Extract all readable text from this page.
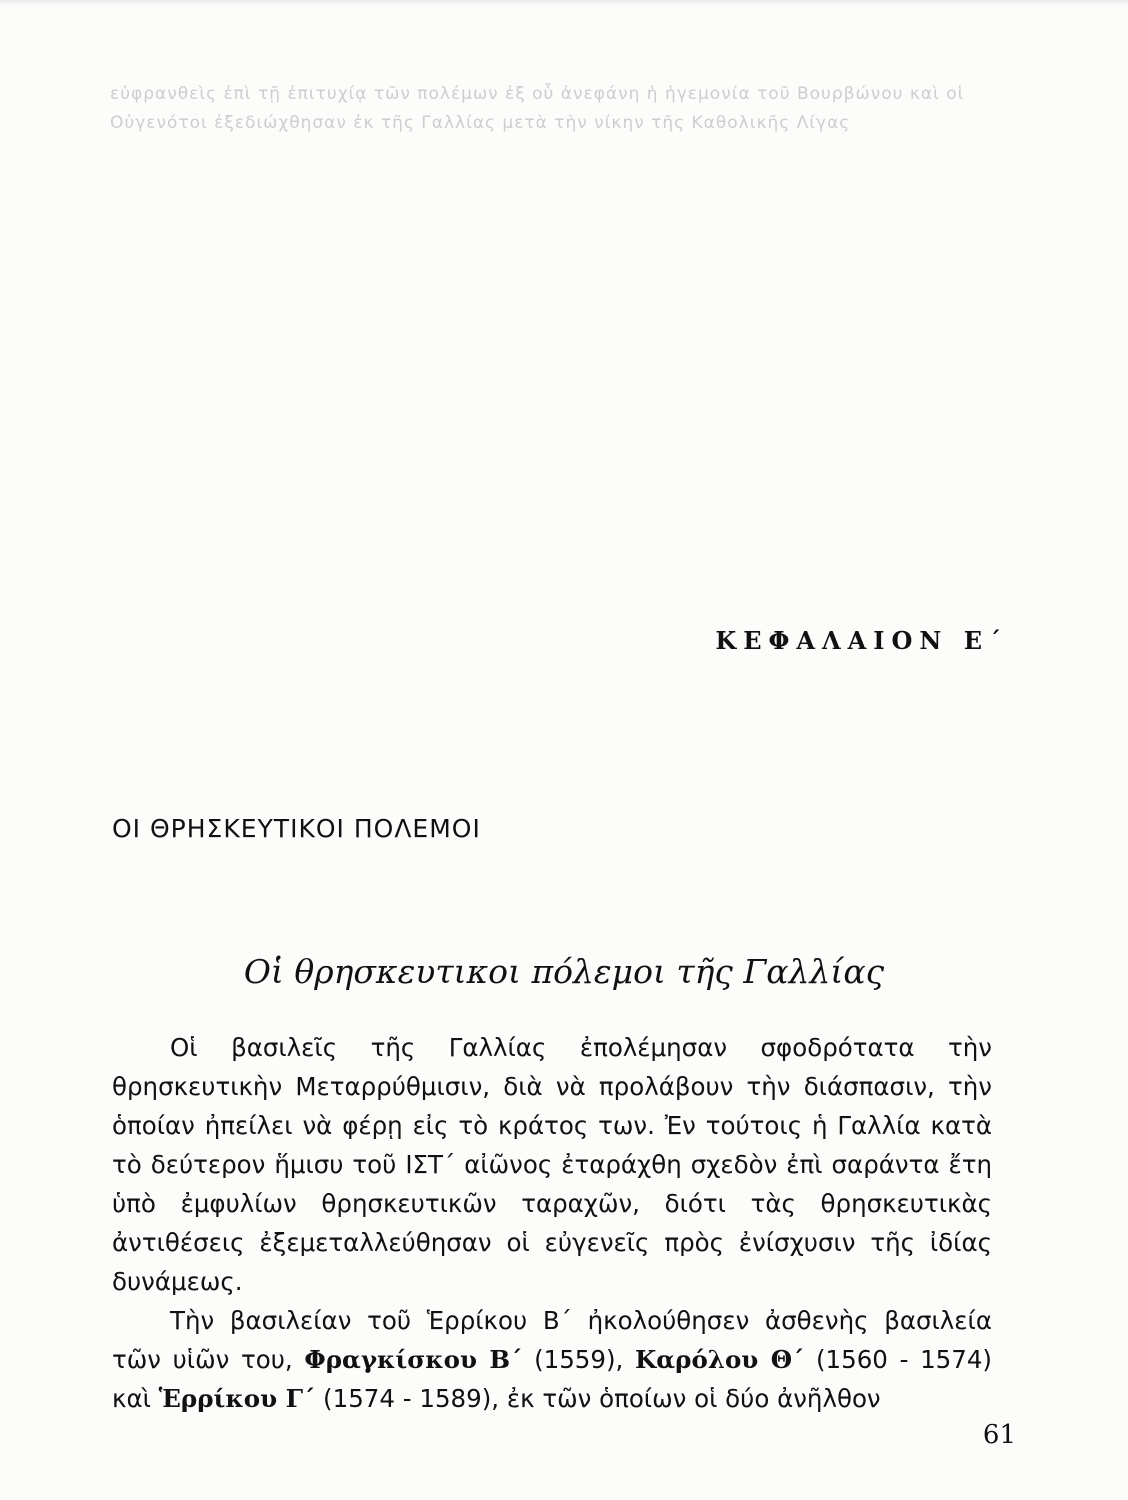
εὐφρανθεὶς ἐπὶ τῇ ἐπιτυχίᾳ τῶν πολέμων ἐξ οὗ ἀνεφάνη ἡ ἡγεμονία τοῦ Βουρβώνου καὶ οἱ Οὐγενότοι ἐξεδιώχθησαν ἐκ τῆς Γαλλίας μετὰ τὴν νίκην τῆς Καθολικῆς Λίγας
ΚΕΦΑΛΑΙΟΝ Ε΄
ΟΙ ΘΡΗΣΚΕΥΤΙΚΟΙ ΠΟΛΕΜΟΙ
Οἱ θρησκευτικοι πόλεμοι τῆς Γαλλίας

Οἱ βασιλεῖς τῆς Γαλλίας ἐπολέμησαν σφοδρότατα τὴν θρησκευτικὴν Μεταρρύθμισιν, διὰ νὰ προλάβουν τὴν διάσπασιν, τὴν ὁποίαν ἠπείλει νὰ φέρῃ εἰς τὸ κράτος των. Ἐν τούτοις ἡ Γαλλία κατὰ τὸ δεύτερον ἥμισυ τοῦ ΙΣΤ΄ αἰῶνος ἐταράχθη σχεδὸν ἐπὶ σαράντα ἔτη ὑπὸ ἐμφυλίων θρησκευτικῶν ταραχῶν, διότι τὰς θρησκευτικὰς ἀντιθέσεις ἐξεμεταλλεύθησαν οἱ εὐγενεῖς πρὸς ἐνίσχυσιν τῆς ἰδίας δυνάμεως.

Τὴν βασιλείαν τοῦ Ἑρρίκου Β΄ ἠκολούθησεν ἀσθενὴς βασιλεία τῶν υἱῶν του, Φραγκίσκου Β΄ (1559), Καρόλου Θ΄ (1560 - 1574) καὶ Ἑρρίκου Γ΄ (1574 - 1589), ἐκ τῶν ὁποίων οἱ δύο ἀνῆλθον

61
